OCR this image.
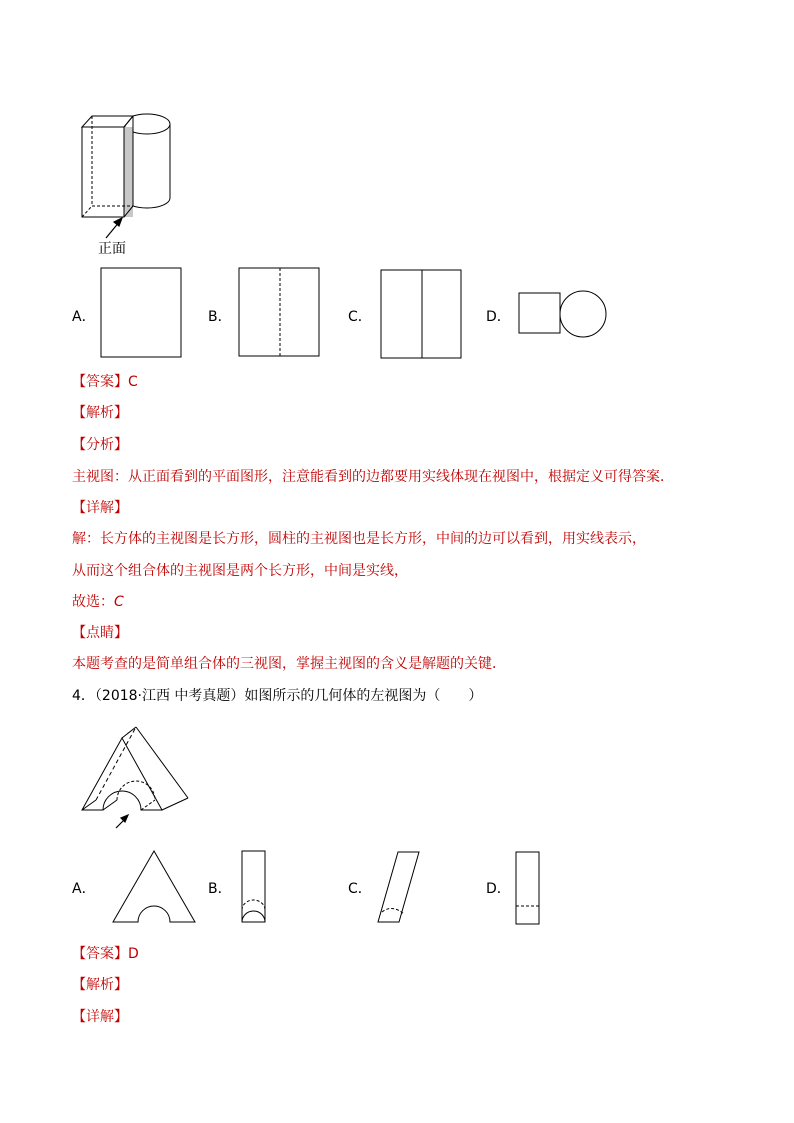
正面
A．	B．	C．	D．
【答案】C
【解析】
【分析】
主视图：从正面看到的平面图形，注意能看到的边都要用实线体现在视图中，根据定义可得答案．
【详解】
解：长方体的主视图是长方形，圆柱的主视图也是长方形，中间的边可以看到，用实线表示，
从而这个组合体的主视图是两个长方形，中间是实线，
故选：C
【点睛】
本题考查的是简单组合体的三视图，掌握主视图的含义是解题的关键．
4．（2018·江西 中考真题）如图所示的几何体的左视图为（　　）
A．	B．	C．	D．
【答案】D
【解析】
【详解】
